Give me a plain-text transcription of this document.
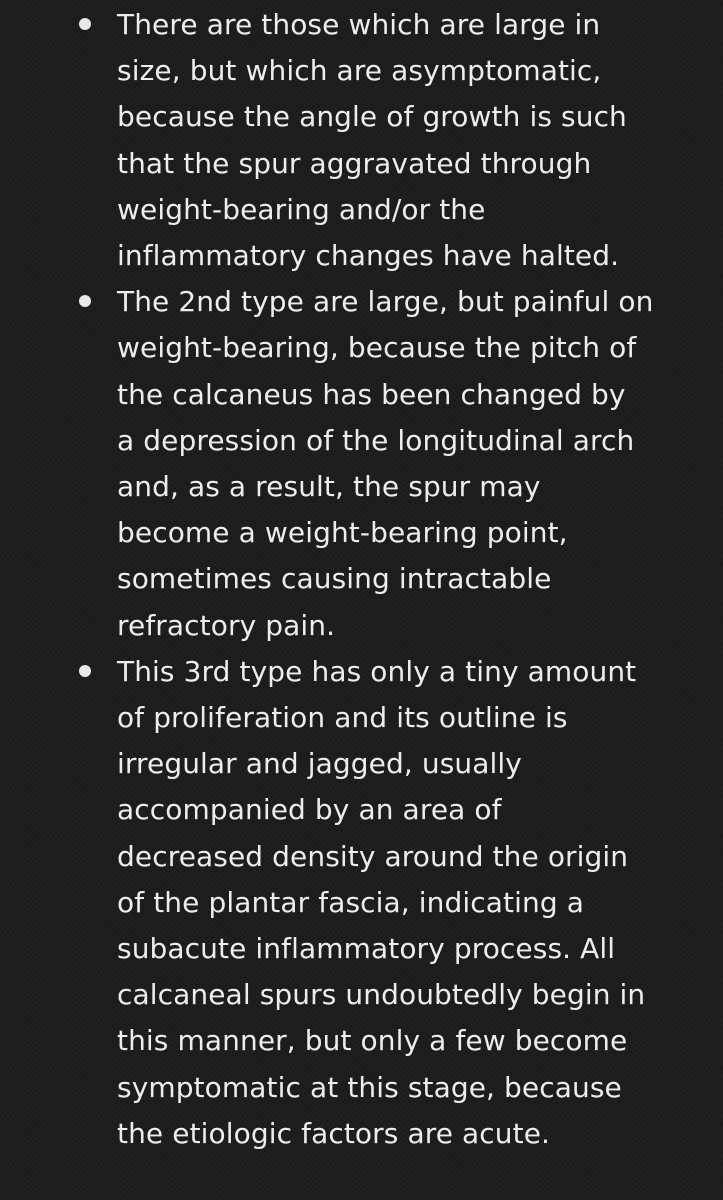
There are those which are large in
size, but which are asymptomatic,
because the angle of growth is such
that the spur aggravated through
weight-bearing and/or the
inflammatory changes have halted.
The 2nd type are large, but painful on
weight-bearing, because the pitch of
the calcaneus has been changed by
a depression of the longitudinal arch
and, as a result, the spur may
become a weight-bearing point,
sometimes causing intractable
refractory pain.
This 3rd type has only a tiny amount
of proliferation and its outline is
irregular and jagged, usually
accompanied by an area of
decreased density around the origin
of the plantar fascia, indicating a
subacute inflammatory process. All
calcaneal spurs undoubtedly begin in
this manner, but only a few become
symptomatic at this stage, because
the etiologic factors are acute.
